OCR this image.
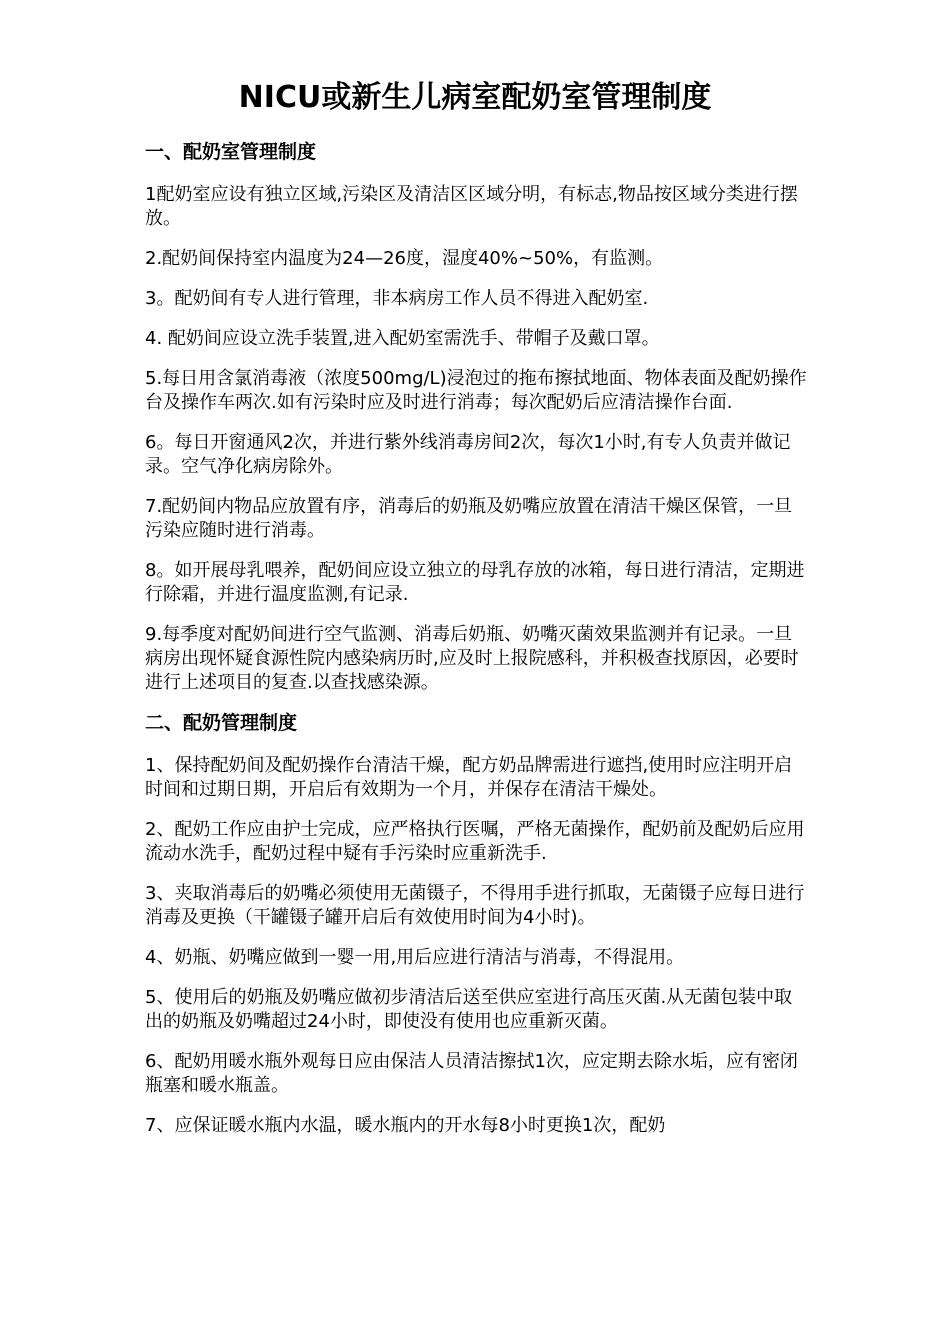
NICU或新生儿病室配奶室管理制度
一、配奶室管理制度
1配奶室应设有独立区域,污染区及清洁区区域分明，有标志,物品按区域分类进行摆放。
2.配奶间保持室内温度为24—26度，湿度40%~50%，有监测。
3。配奶间有专人进行管理，非本病房工作人员不得进入配奶室.
4. 配奶间应设立洗手装置,进入配奶室需洗手、带帽子及戴口罩。
5.每日用含氯消毒液（浓度500mg/L)浸泡过的拖布擦拭地面、物体表面及配奶操作台及操作车两次.如有污染时应及时进行消毒；每次配奶后应清洁操作台面.
6。每日开窗通风2次，并进行紫外线消毒房间2次，每次1小时,有专人负责并做记录。空气净化病房除外。
7.配奶间内物品应放置有序，消毒后的奶瓶及奶嘴应放置在清洁干燥区保管，一旦污染应随时进行消毒。
8。如开展母乳喂养，配奶间应设立独立的母乳存放的冰箱，每日进行清洁，定期进行除霜，并进行温度监测,有记录.
9.每季度对配奶间进行空气监测、消毒后奶瓶、奶嘴灭菌效果监测并有记录。一旦病房出现怀疑食源性院内感染病历时,应及时上报院感科，并积极查找原因，必要时进行上述项目的复查.以查找感染源。
二、配奶管理制度
1、保持配奶间及配奶操作台清洁干燥，配方奶品牌需进行遮挡,使用时应注明开启时间和过期日期，开启后有效期为一个月，并保存在清洁干燥处。
2、配奶工作应由护士完成，应严格执行医嘱，严格无菌操作，配奶前及配奶后应用流动水洗手，配奶过程中疑有手污染时应重新洗手.
3、夹取消毒后的奶嘴必须使用无菌镊子，不得用手进行抓取，无菌镊子应每日进行消毒及更换（干罐镊子罐开启后有效使用时间为4小时)。
4、奶瓶、奶嘴应做到一婴一用,用后应进行清洁与消毒，不得混用。
5、使用后的奶瓶及奶嘴应做初步清洁后送至供应室进行高压灭菌.从无菌包装中取出的奶瓶及奶嘴超过24小时，即使没有使用也应重新灭菌。
6、配奶用暖水瓶外观每日应由保洁人员清洁擦拭1次，应定期去除水垢，应有密闭瓶塞和暖水瓶盖。
7、应保证暖水瓶内水温，暖水瓶内的开水每8小时更换1次，配奶
